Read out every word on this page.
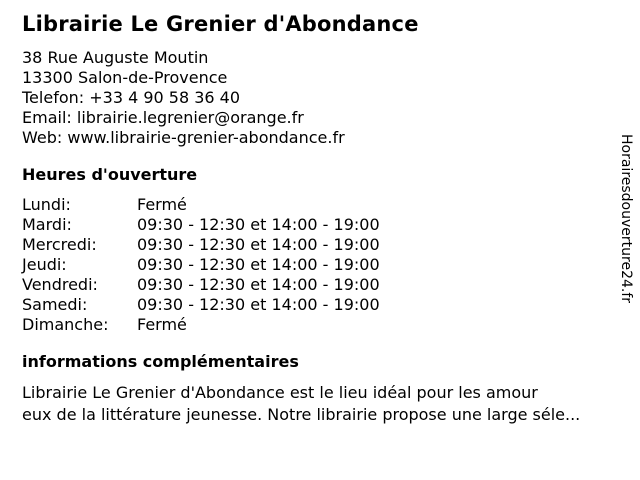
Librairie Le Grenier d'Abondance
38 Rue Auguste Moutin
13300 Salon-de-Provence
Telefon: +33 4 90 58 36 40
Email: librairie.legrenier@orange.fr
Web: www.librairie-grenier-abondance.fr
Heures d'ouverture
Lundi:	Fermé
Mardi:	09:30 - 12:30 et 14:00 - 19:00
Mercredi:	09:30 - 12:30 et 14:00 - 19:00
Jeudi:	09:30 - 12:30 et 14:00 - 19:00
Vendredi:	09:30 - 12:30 et 14:00 - 19:00
Samedi:	09:30 - 12:30 et 14:00 - 19:00
Dimanche:	Fermé
informations complémentaires
Librairie Le Grenier d'Abondance est le lieu idéal pour les amour
eux de la littérature jeunesse. Notre librairie propose une large séle...
Horairesdouverture24.fr
